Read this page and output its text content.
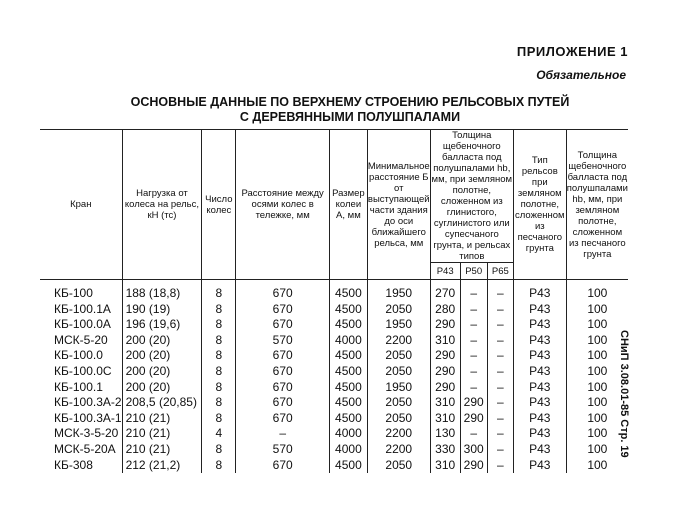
ПРИЛОЖЕНИЕ 1
Обязательное
ОСНОВНЫЕ ДАННЫЕ ПО ВЕРХНЕМУ СТРОЕНИЮ РЕЛЬСОВЫХ ПУТЕЙ
С ДЕРЕВЯННЫМИ ПОЛУШПАЛАМИ
СНиП 3.08.01-85 Стр. 19
Кран	Нагрузка от колеса на рельс, кН (тс)	Число колес	Расстояние между осями колес в тележке, мм	Размер колеи A, мм	Минимальное расстояние Б от выступающей части здания до оси ближайшего рельса, мм	Толщина щебеночного балласта под полушпалами hb, мм, при земляном полотне, сложенном из глинистого, суглинистого или супесчаного грунта, и рельсах типов			Тип рельсов при земляном полотне, сложенном из песчаного грунта	Толщина щебеночного балласта под полушпалами hb, мм, при земляном полотне, сложенном из песчаного грунта
						Р43	Р50	Р65		
КБ-100	188 (18,8)	8	670	4500	1950	270	–	–	Р43	100
КБ-100.1А	190 (19)	8	670	4500	2050	280	–	–	Р43	100
КБ-100.0А	196 (19,6)	8	670	4500	1950	290	–	–	Р43	100
МСК-5-20	200 (20)	8	570	4000	2200	310	–	–	Р43	100
КБ-100.0	200 (20)	8	670	4500	2050	290	–	–	Р43	100
КБ-100.0С	200 (20)	8	670	4500	2050	290	–	–	Р43	100
КБ-100.1	200 (20)	8	670	4500	1950	290	–	–	Р43	100
КБ-100.3А-2	208,5 (20,85)	8	670	4500	2050	310	290	–	Р43	100
КБ-100.3А-1	210 (21)	8	670	4500	2050	310	290	–	Р43	100
МСК-3-5-20	210 (21)	4	–	4000	2200	130	–	–	Р43	100
МСК-5-20А	210 (21)	8	570	4000	2200	330	300	–	Р43	100
КБ-308	212 (21,2)	8	670	4500	2050	310	290	–	Р43	100
